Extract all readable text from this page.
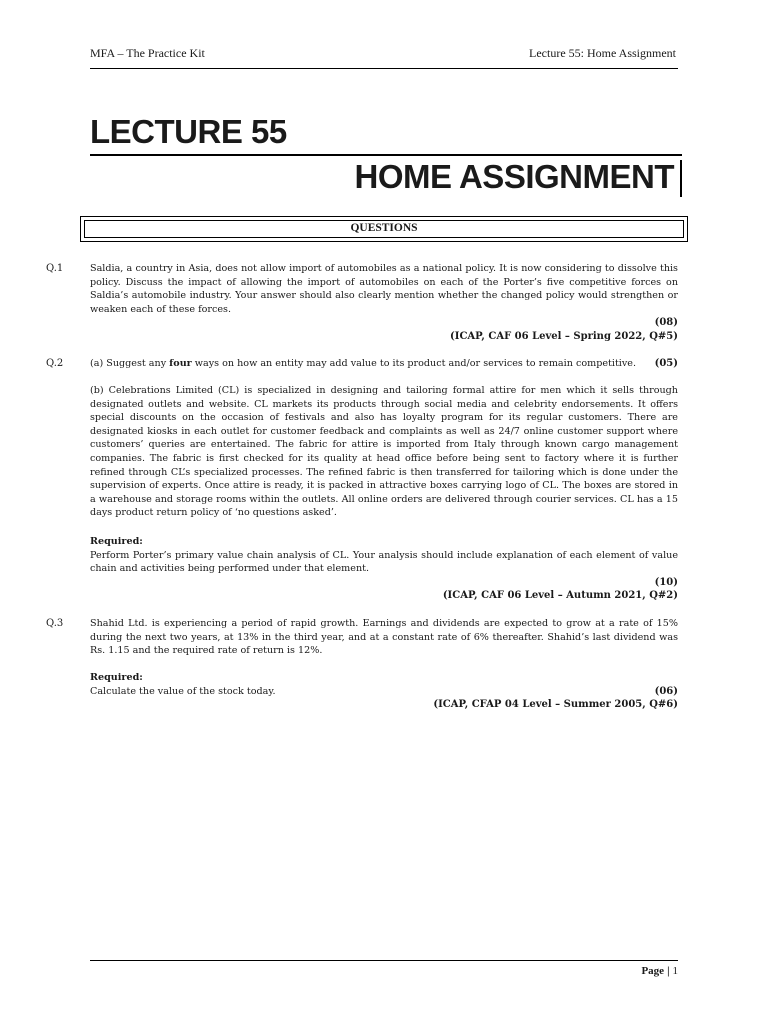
MFA – The Practice Kit	Lecture 55: Home Assignment
LECTURE 55
HOME ASSIGNMENT
QUESTIONS
Q.1	Saldia, a country in Asia, does not allow import of automobiles as a national policy. It is now considering to dissolve this policy. Discuss the impact of allowing the import of automobiles on each of the Porter’s five competitive forces on Saldia’s automobile industry. Your answer should also clearly mention whether the changed policy would strengthen or weaken each of these forces.

(08)
(ICAP, CAF 06 Level – Spring 2022, Q#5)
Q.2	(a) Suggest any four ways on how an entity may add value to its product and/or services to remain competitive. (05)

(b) Celebrations Limited (CL) is specialized in designing and tailoring formal attire for men which it sells through designated outlets and website. CL markets its products through social media and celebrity endorsements. It offers special discounts on the occasion of festivals and also has loyalty program for its regular customers. There are designated kiosks in each outlet for customer feedback and complaints as well as 24/7 online customer support where customers’ queries are entertained. The fabric for attire is imported from Italy through known cargo management companies. The fabric is first checked for its quality at head office before being sent to factory where it is further refined through CL’s specialized processes. The refined fabric is then transferred for tailoring which is done under the supervision of experts. Once attire is ready, it is packed in attractive boxes carrying logo of CL. The boxes are stored in a warehouse and storage rooms within the outlets. All online orders are delivered through courier services. CL has a 15 days product return policy of ‘no questions asked’.

Required:

Perform Porter’s primary value chain analysis of CL. Your analysis should include explanation of each element of value chain and activities being performed under that element.

(10)
(ICAP, CAF 06 Level – Autumn 2021, Q#2)
Q.3	Shahid Ltd. is experiencing a period of rapid growth. Earnings and dividends are expected to grow at a rate of 15% during the next two years, at 13% in the third year, and at a constant rate of 6% thereafter. Shahid’s last dividend was Rs. 1.15 and the required rate of return is 12%.

Required:
Calculate the value of the stock today.	(06)
(ICAP, CFAP 04 Level – Summer 2005, Q#6)
Page | 1
